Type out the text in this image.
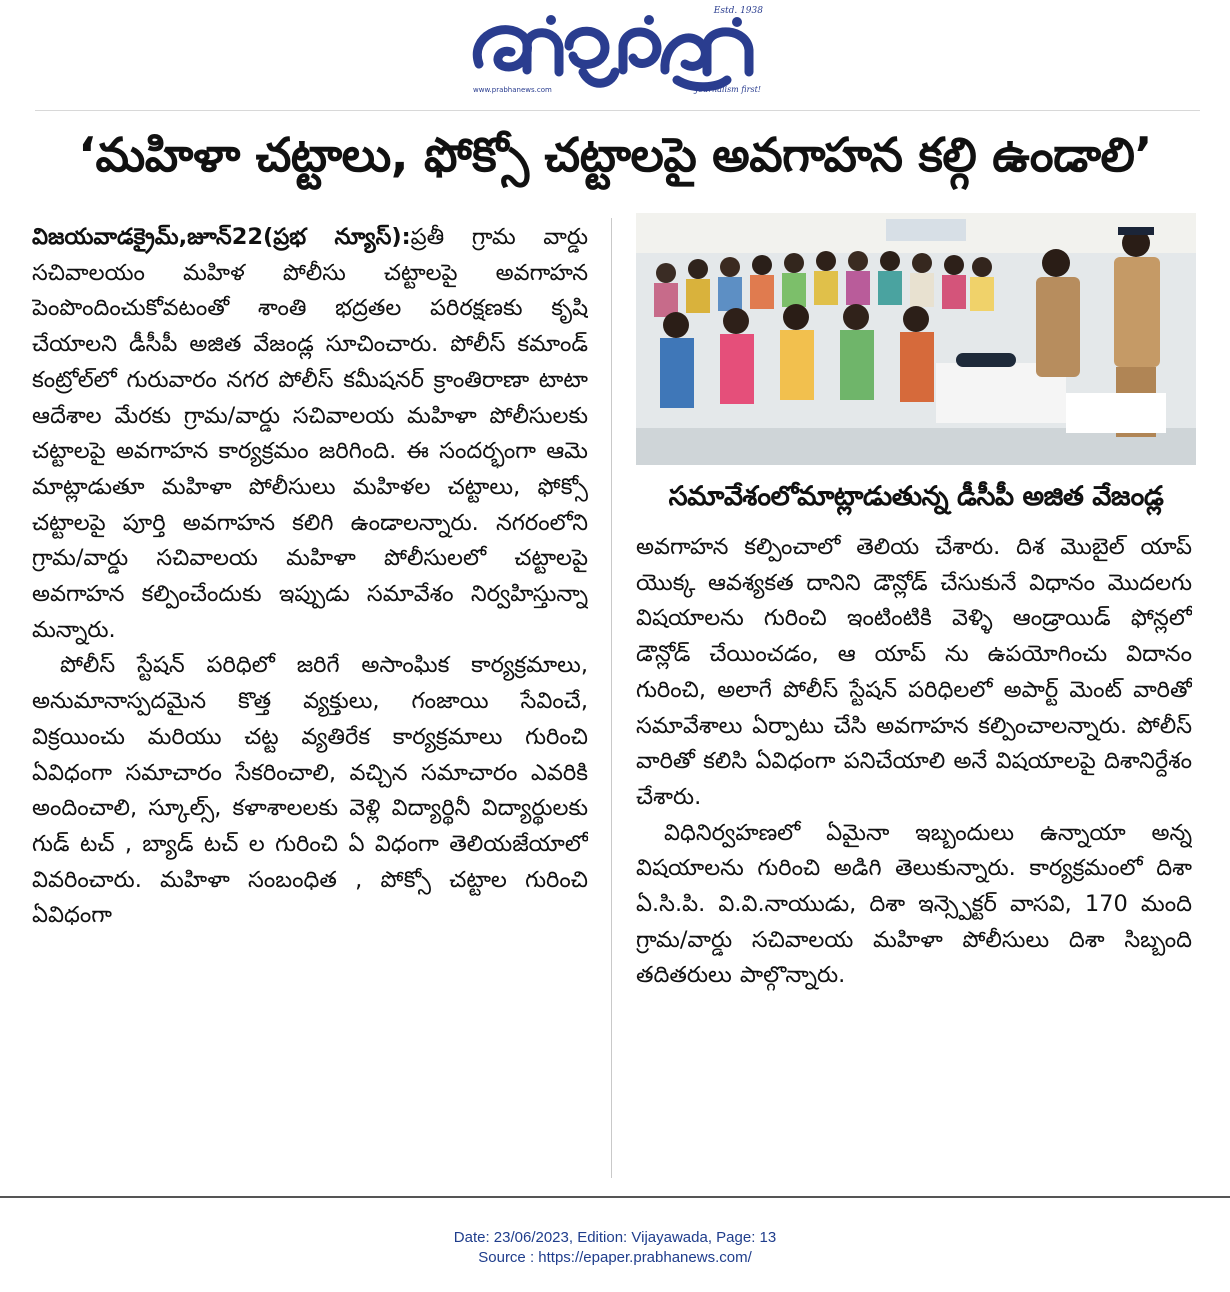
Estd. 1938
www.prabhanews.com	Journalism first!
‘మహిళా చట్టాలు, ఫోక్సో చట్టాలపై అవగాహన కల్గి ఉండాలి’

విజయవాడక్రైమ్,జూన్22(ప్రభ న్యూస్):ప్రతీ గ్రామ వార్డు సచివాలయం మహిళ పోలీసు చట్టాలపై అవగాహన పెంపొందించుకోవటంతో శాంతి భద్రతల పరిరక్షణకు కృషి చేయాలని డీసీపీ అజిత వేజండ్ల సూచించారు. పోలీస్ కమాండ్ కంట్రోల్‌లో గురువారం నగర పోలీస్ కమీషనర్ క్రాంతిరాణా టాటా ఆదేశాల మేరకు గ్రామ/వార్డు సచివాలయ మహిళా పోలీసులకు చట్టాలపై అవగాహన కార్యక్రమం జరిగింది. ఈ సందర్భంగా ఆమె మాట్లాడుతూ మహిళా పోలీసులు మహిళల చట్టాలు, ఫోక్సో చట్టాలపై పూర్తి అవగాహన కలిగి ఉండాలన్నారు. నగరంలోని గ్రామ/వార్డు సచివాలయ మహిళా పోలీసులలో చట్టాలపై అవగాహన కల్పించేందుకు ఇప్పుడు సమావేశం నిర్వహిస్తున్నా మన్నారు.

పోలీస్ స్టేషన్ పరిధిలో జరిగే అసాంఘిక కార్యక్రమాలు, అనుమానాస్పదమైన కొత్త వ్యక్తులు, గంజాయి సేవించే, విక్రయించు మరియు చట్ట వ్యతిరేక కార్యక్రమాలు గురించి ఏవిధంగా సమాచారం సేకరించాలి, వచ్చిన సమాచారం ఎవరికి అందించాలి, స్కూల్స్, కళాశాలలకు వెళ్లి విద్యార్థినీ విద్యార్థులకు గుడ్ టచ్ , బ్యాడ్ టచ్ ల గురించి ఏ విధంగా తెలియజేయాలో వివరించారు. మహిళా సంబంధిత , పోక్సో చట్టాల గురించి ఏవిధంగా

సమావేశంలోమాట్లాడుతున్న డీసీపీ అజిత వేజండ్ల

అవగాహన కల్పించాలో తెలియ చేశారు. దిశ మొబైల్ యాప్ యొక్క ఆవశ్యకత దానిని డౌన్లోడ్ చేసుకునే విధానం మొదలగు విషయాలను గురించి ఇంటింటికి వెళ్ళి ఆండ్రాయిడ్ ఫోన్లలో డౌన్లోడ్ చేయించడం, ఆ యాప్ ను ఉపయోగించు విదానం గురించి, అలాగే పోలీస్ స్టేషన్ పరిధిలలో అపార్ట్ మెంట్ వారితో సమావేశాలు ఏర్పాటు చేసి అవగాహన కల్పించాలన్నారు. పోలీస్ వారితో కలిసి ఏవిధంగా పనిచేయాలి అనే విషయాలపై దిశానిర్దేశం చేశారు.

విధినిర్వహణలో ఏమైనా ఇబ్బందులు ఉన్నాయా అన్న విషయాలను గురించి అడిగి తెలుకున్నారు. కార్యక్రమంలో దిశా ఏ.సి.పి. వి.వి.నాయుడు, దిశా ఇన్స్పెక్టర్ వాసవి, 170 మంది గ్రామ/వార్డు సచివాలయ మహిళా పోలీసులు దిశా సిబ్బంది తదితరులు పాల్గొన్నారు.

Date: 23/06/2023, Edition: Vijayawada, Page: 13
Source : https://epaper.prabhanews.com/
